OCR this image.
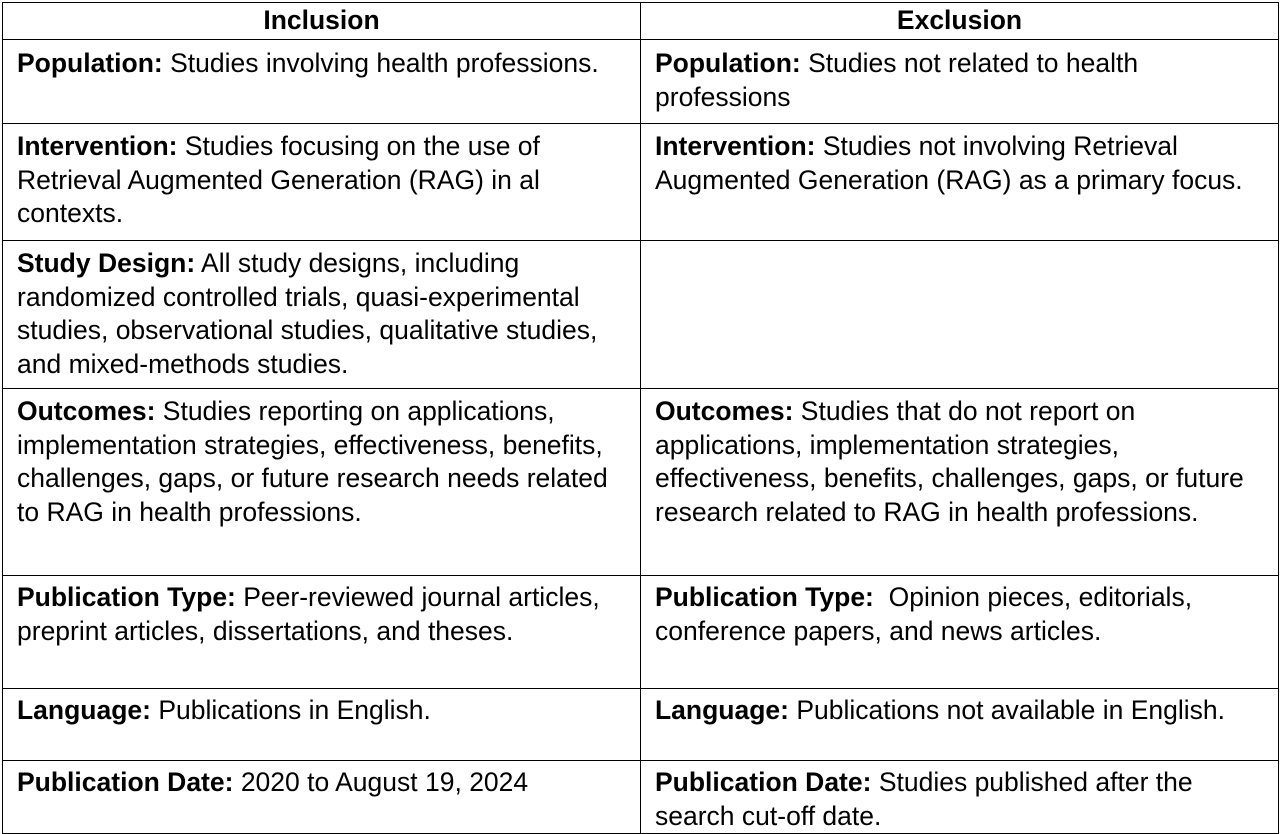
Inclusion	Exclusion
Population: Studies involving health professions.	Population: Studies not related to health professions
Intervention: Studies focusing on the use of Retrieval Augmented Generation (RAG) in al contexts.	Intervention: Studies not involving Retrieval Augmented Generation (RAG) as a primary focus.
Study Design: All study designs, including randomized controlled trials, quasi-experimental studies, observational studies, qualitative studies, and mixed-methods studies.	
Outcomes: Studies reporting on applications, implementation strategies, effectiveness, benefits, challenges, gaps, or future research needs related to RAG in health professions.	Outcomes: Studies that do not report on applications, implementation strategies, effectiveness, benefits, challenges, gaps, or future research related to RAG in health professions.
Publication Type: Peer-reviewed journal articles, preprint articles, dissertations, and theses.	Publication Type:  Opinion pieces, editorials, conference papers, and news articles.
Language: Publications in English.	Language: Publications not available in English.
Publication Date: 2020 to August 19, 2024	Publication Date: Studies published after the search cut-off date.
